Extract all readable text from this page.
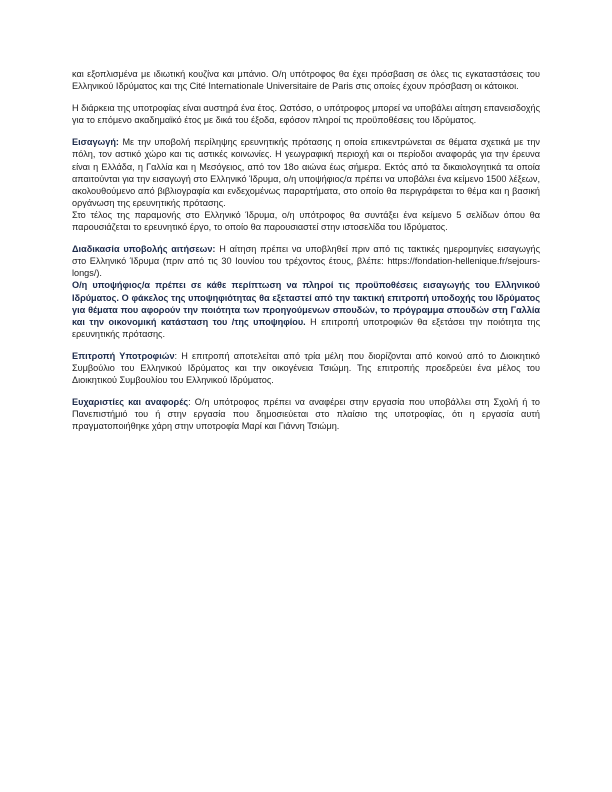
και εξοπλισμένα με ιδιωτική κουζίνα και μπάνιο. Ο/η υπότροφος θα έχει πρόσβαση σε όλες τις εγκαταστάσεις του Ελληνικού Ιδρύματος και της Cité Internationale Universitaire de Paris στις οποίες έχουν πρόσβαση οι κάτοικοι.

Η διάρκεια της υποτροφίας είναι αυστηρά ένα έτος. Ωστόσο, ο υπότροφος μπορεί να υποβάλει αίτηση επανεισδοχής για το επόμενο ακαδημαϊκό έτος με δικά του έξοδα, εφόσον πληροί τις προϋποθέσεις του Ιδρύματος.

Εισαγωγή: Με την υποβολή περίληψης ερευνητικής πρότασης η οποία επικεντρώνεται σε θέματα σχετικά με την πόλη, τον αστικό χώρο και τις αστικές κοινωνίες. Η γεωγραφική περιοχή και οι περίοδοι αναφοράς για την έρευνα είναι η Ελλάδα, η Γαλλία και η Μεσόγειος, από τον 18ο αιώνα έως σήμερα. Εκτός από τα δικαιολογητικά τα οποία απαιτούνται για την εισαγωγή στο Ελληνικό Ίδρυμα, ο/η υποψήφιος/α πρέπει να υποβάλει ένα κείμενο 1500 λέξεων, ακολουθούμενο από βιβλιογραφία και ενδεχομένως παραρτήματα, στο οποίο θα περιγράφεται το θέμα και η βασική οργάνωση της ερευνητικής πρότασης.

Στο τέλος της παραμονής στο Ελληνικό Ίδρυμα, ο/η υπότροφος θα συντάξει ένα κείμενο 5 σελίδων όπου θα παρουσιάζεται το ερευνητικό έργο, το οποίο θα παρουσιαστεί στην ιστοσελίδα του Ιδρύματος.

Διαδικασία υποβολής αιτήσεων: Η αίτηση πρέπει να υποβληθεί πριν από τις τακτικές ημερομηνίες εισαγωγής στο Ελληνικό Ίδρυμα (πριν από τις 30 Ιουνίου του τρέχοντος έτους, βλέπε: https://fondation-hellenique.fr/sejours-longs/).

Ο/η υποψήφιος/α πρέπει σε κάθε περίπτωση να πληροί τις προϋποθέσεις εισαγωγής του Ελληνικού Ιδρύματος. Ο φάκελος της υποψηφιότητας θα εξεταστεί από την τακτική επιτροπή υποδοχής του Ιδρύματος για θέματα που αφορούν την ποιότητα των προηγούμενων σπουδών, το πρόγραμμα σπουδών στη Γαλλία και την οικονομική κατάσταση του /της υποψηφίου. Η επιτροπή υποτροφιών θα εξετάσει την ποιότητα της ερευνητικής πρότασης.

Επιτροπή Υποτροφιών: Η επιτροπή αποτελείται από τρία μέλη που διορίζονται από κοινού από το Διοικητικό Συμβούλιο του Ελληνικού Ιδρύματος και την οικογένεια Τσιώμη. Της επιτροπής προεδρεύει ένα μέλος του Διοικητικού Συμβουλίου του Ελληνικού Ιδρύματος.

Ευχαριστίες και αναφορές: Ο/η υπότροφος πρέπει να αναφέρει στην εργασία που υποβάλλει στη Σχολή ή το Πανεπιστήμιό του ή στην εργασία που δημοσιεύεται στο πλαίσιο της υποτροφίας, ότι η εργασία αυτή πραγματοποιήθηκε χάρη στην υποτροφία Μαρί και Γιάννη Τσιώμη.
